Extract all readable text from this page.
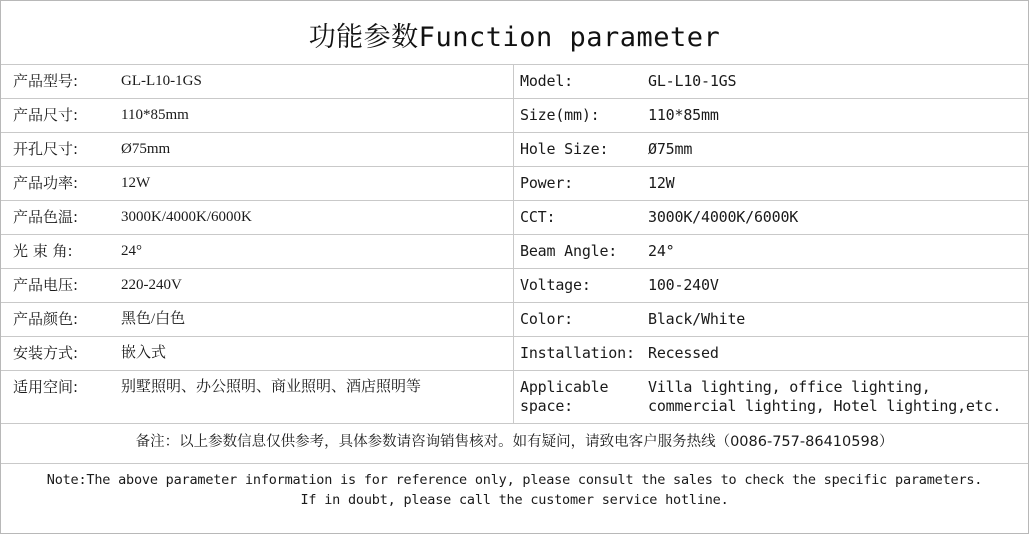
功能参数Function parameter
产品型号:	GL-L10-1GS	Model:	GL-L10-1GS
产品尺寸:	110*85mm	Size(mm):	110*85mm
开孔尺寸:	Ø75mm	Hole Size:	Ø75mm
产品功率:	12W	Power:	12W
产品色温:	3000K/4000K/6000K	CCT:	3000K/4000K/6000K
光 束 角:	24°	Beam Angle:	24°
产品电压:	220-240V	Voltage:	100-240V
产品颜色:	黑色/白色	Color:	Black/White
安装方式:	嵌入式	Installation:	Recessed
适用空间:	别墅照明、办公照明、商业照明、酒店照明等	Applicable space:	Villa lighting, office lighting, commercial lighting, Hotel lighting,etc.
备注：以上参数信息仅供参考，具体参数请咨询销售核对。如有疑问，请致电客户服务热线（0086-757-86410598）
Note:The above parameter information is for reference only, please consult the sales to check the specific parameters.
If in doubt, please call the customer service hotline.
